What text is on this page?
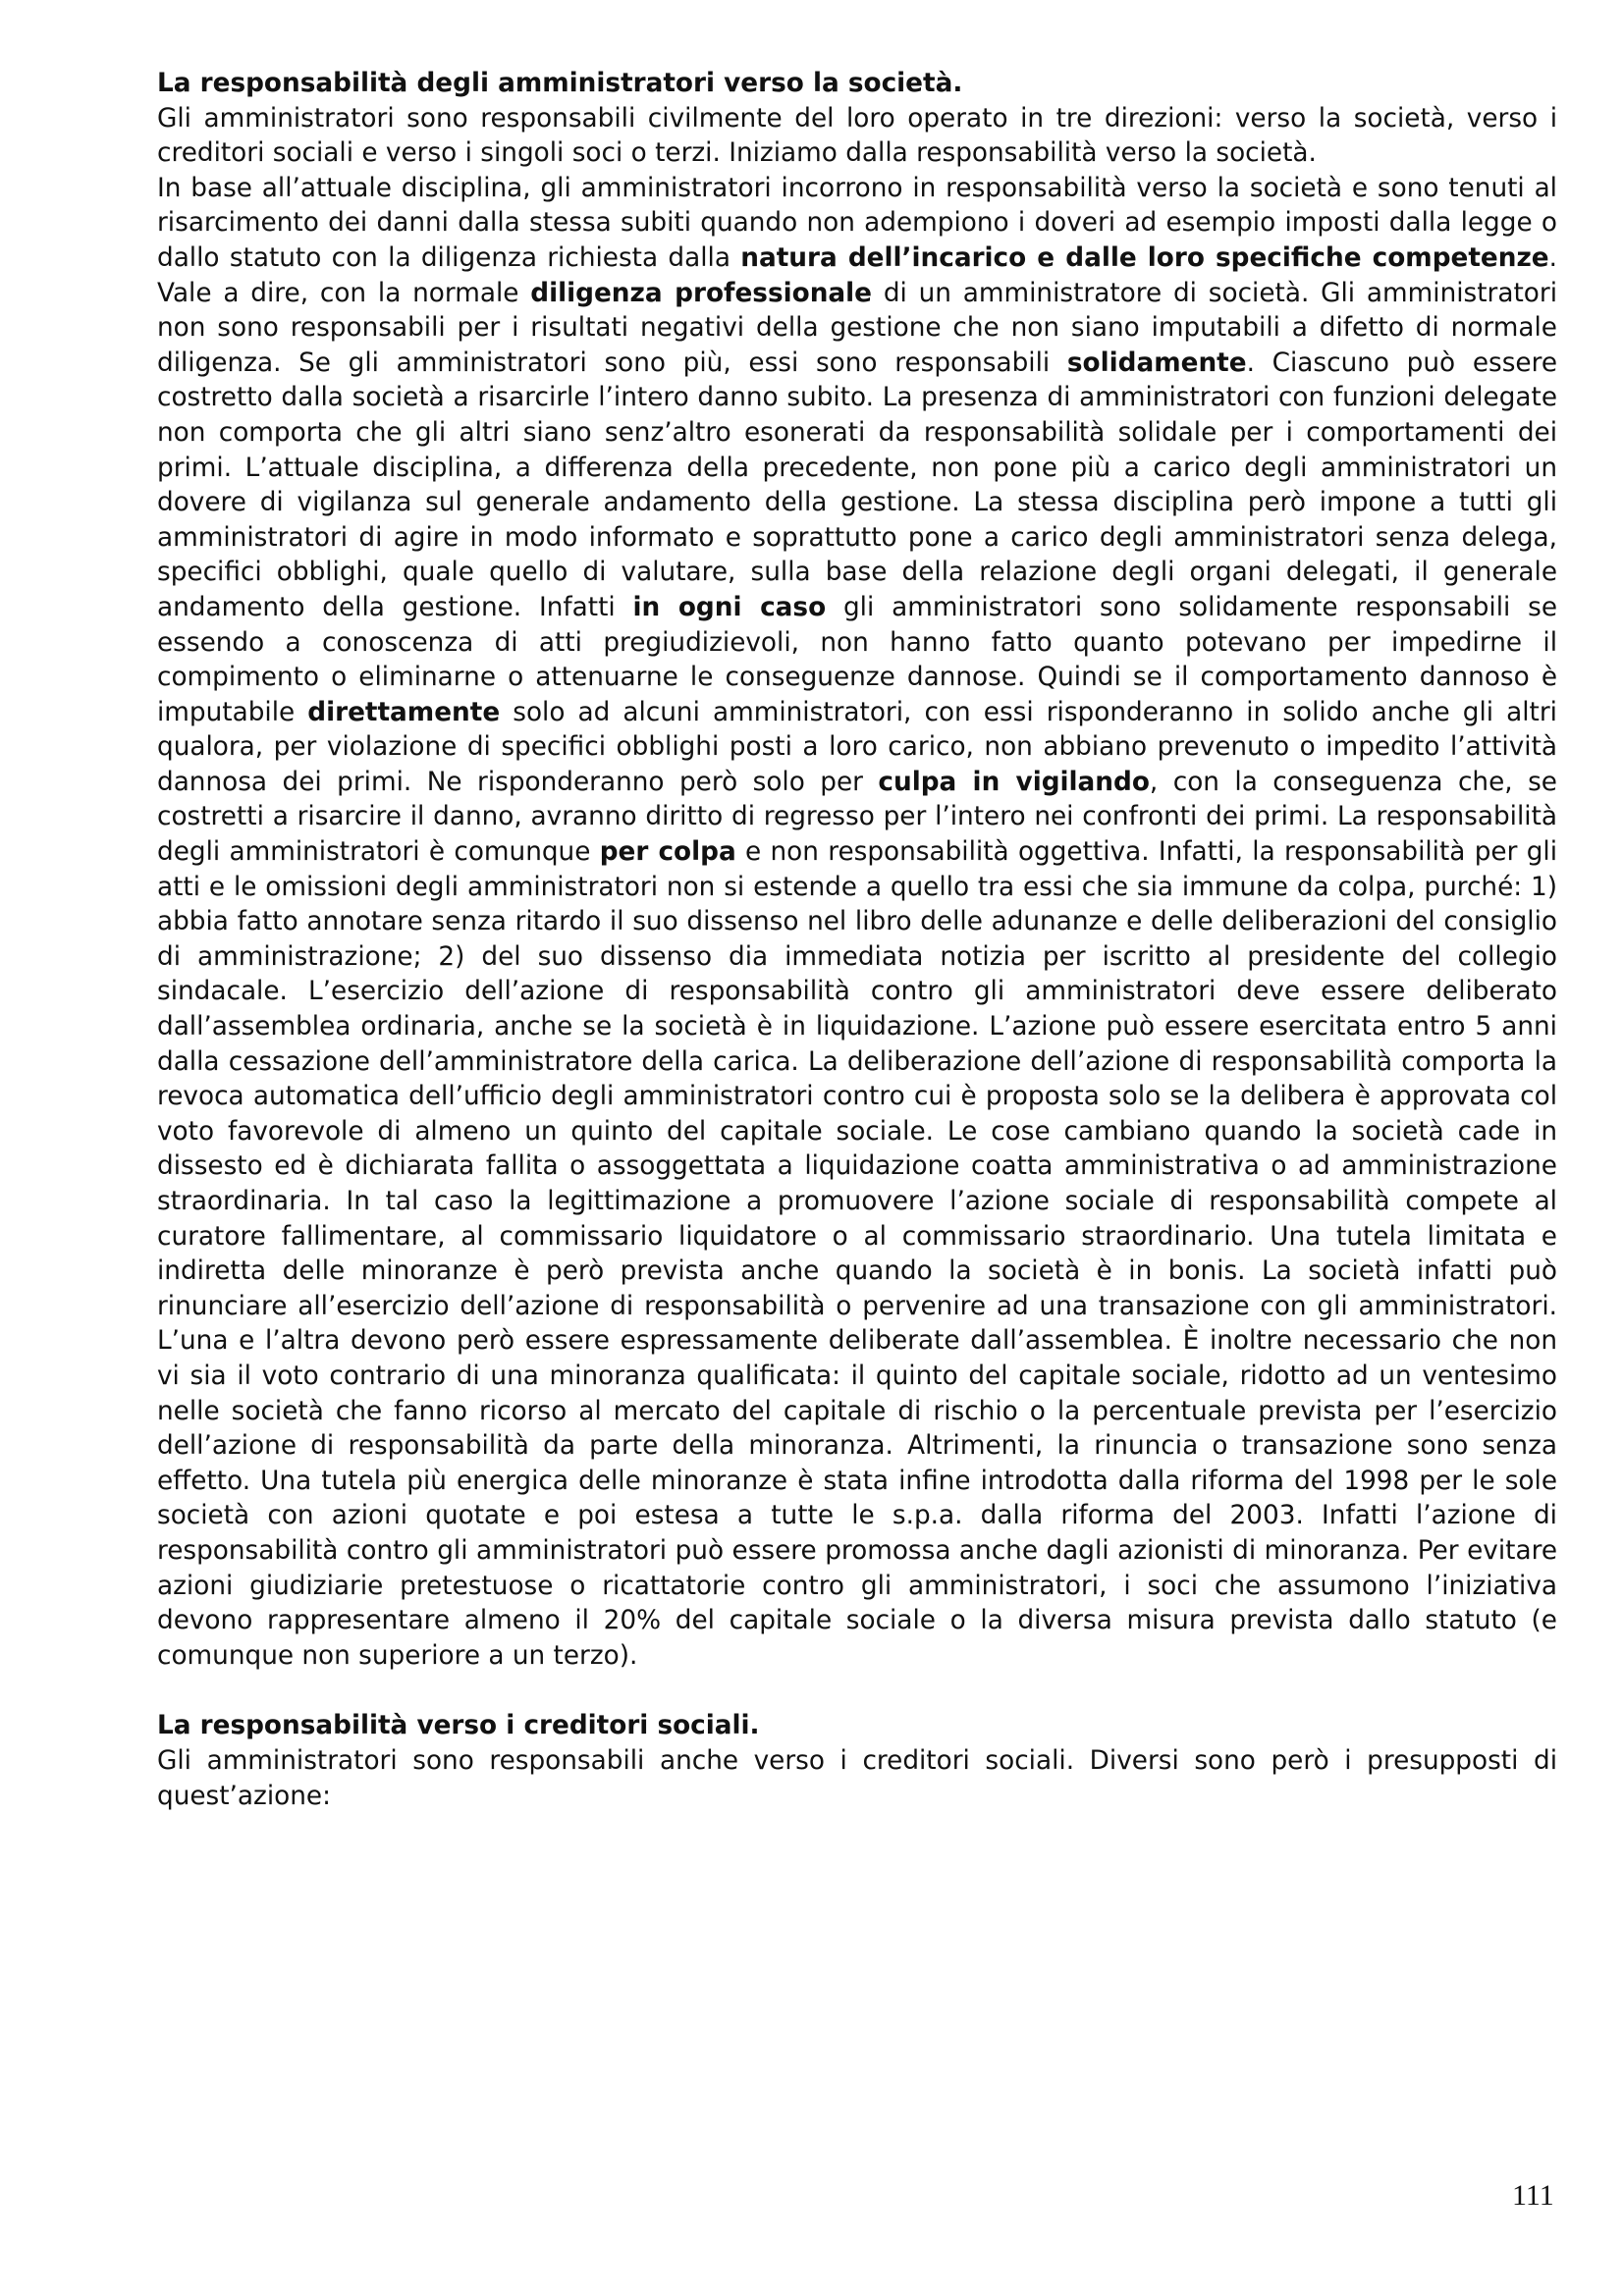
La responsabilità degli amministratori verso la società.

Gli amministratori sono responsabili civilmente del loro operato in tre direzioni: verso la società, verso i creditori sociali e verso i singoli soci o terzi. Iniziamo dalla responsabilità verso la società.

In base all’attuale disciplina, gli amministratori incorrono in responsabilità verso la società e sono tenuti al risarcimento dei danni dalla stessa subiti quando non adempiono i doveri ad esempio imposti dalla legge o dallo statuto con la diligenza richiesta dalla natura dell’incarico e dalle loro specifiche competenze. Vale a dire, con la normale diligenza professionale di un amministratore di società. Gli amministratori non sono responsabili per i risultati negativi della gestione che non siano imputabili a difetto di normale diligenza. Se gli amministratori sono più, essi sono responsabili solidamente. Ciascuno può essere costretto dalla società a risarcirle l’intero danno subito. La presenza di amministratori con funzioni delegate non comporta che gli altri siano senz’altro esonerati da responsabilità solidale per i comportamenti dei primi. L’attuale disciplina, a differenza della precedente, non pone più a carico degli amministratori un dovere di vigilanza sul generale andamento della gestione. La stessa disciplina però impone a tutti gli amministratori di agire in modo informato e soprattutto pone a carico degli amministratori senza delega, specifici obblighi, quale quello di valutare, sulla base della relazione degli organi delegati, il generale andamento della gestione. Infatti in ogni caso gli amministratori sono solidamente responsabili se essendo a conoscenza di atti pregiudizievoli, non hanno fatto quanto potevano per impedirne il compimento o eliminarne o attenuarne le conseguenze dannose. Quindi se il comportamento dannoso è imputabile direttamente solo ad alcuni amministratori, con essi risponderanno in solido anche gli altri qualora, per violazione di specifici obblighi posti a loro carico, non abbiano prevenuto o impedito l’attività dannosa dei primi. Ne risponderanno però solo per culpa in vigilando, con la conseguenza che, se costretti a risarcire il danno, avranno diritto di regresso per l’intero nei confronti dei primi. La responsabilità degli amministratori è comunque per colpa e non responsabilità oggettiva. Infatti, la responsabilità per gli atti e le omissioni degli amministratori non si estende a quello tra essi che sia immune da colpa, purché: 1) abbia fatto annotare senza ritardo il suo dissenso nel libro delle adunanze e delle deliberazioni del consiglio di amministrazione; 2) del suo dissenso dia immediata notizia per iscritto al presidente del collegio sindacale. L’esercizio dell’azione di responsabilità contro gli amministratori deve essere deliberato dall’assemblea ordinaria, anche se la società è in liquidazione. L’azione può essere esercitata entro 5 anni dalla cessazione dell’amministratore della carica. La deliberazione dell’azione di responsabilità comporta la revoca automatica dell’ufficio degli amministratori contro cui è proposta solo se la delibera è approvata col voto favorevole di almeno un quinto del capitale sociale. Le cose cambiano quando la società cade in dissesto ed è dichiarata fallita o assoggettata a liquidazione coatta amministrativa o ad amministrazione straordinaria. In tal caso la legittimazione a promuovere l’azione sociale di responsabilità compete al curatore fallimentare, al commissario liquidatore o al commissario straordinario. Una tutela limitata e indiretta delle minoranze è però prevista anche quando la società è in bonis. La società infatti può rinunciare all’esercizio dell’azione di responsabilità o pervenire ad una transazione con gli amministratori. L’una e l’altra devono però essere espressamente deliberate dall’assemblea. È inoltre necessario che non vi sia il voto contrario di una minoranza qualificata: il quinto del capitale sociale, ridotto ad un ventesimo nelle società che fanno ricorso al mercato del capitale di rischio o la percentuale prevista per l’esercizio dell’azione di responsabilità da parte della minoranza. Altrimenti, la rinuncia o transazione sono senza effetto. Una tutela più energica delle minoranze è stata infine introdotta dalla riforma del 1998 per le sole società con azioni quotate e poi estesa a tutte le s.p.a. dalla riforma del 2003. Infatti l’azione di responsabilità contro gli amministratori può essere promossa anche dagli azionisti di minoranza. Per evitare azioni giudiziarie pretestuose o ricattatorie contro gli amministratori, i soci che assumono l’iniziativa devono rappresentare almeno il 20% del capitale sociale o la diversa misura prevista dallo statuto (e comunque non superiore a un terzo).

La responsabilità verso i creditori sociali.

Gli amministratori sono responsabili anche verso i creditori sociali. Diversi sono però i presupposti di quest’azione:

111
